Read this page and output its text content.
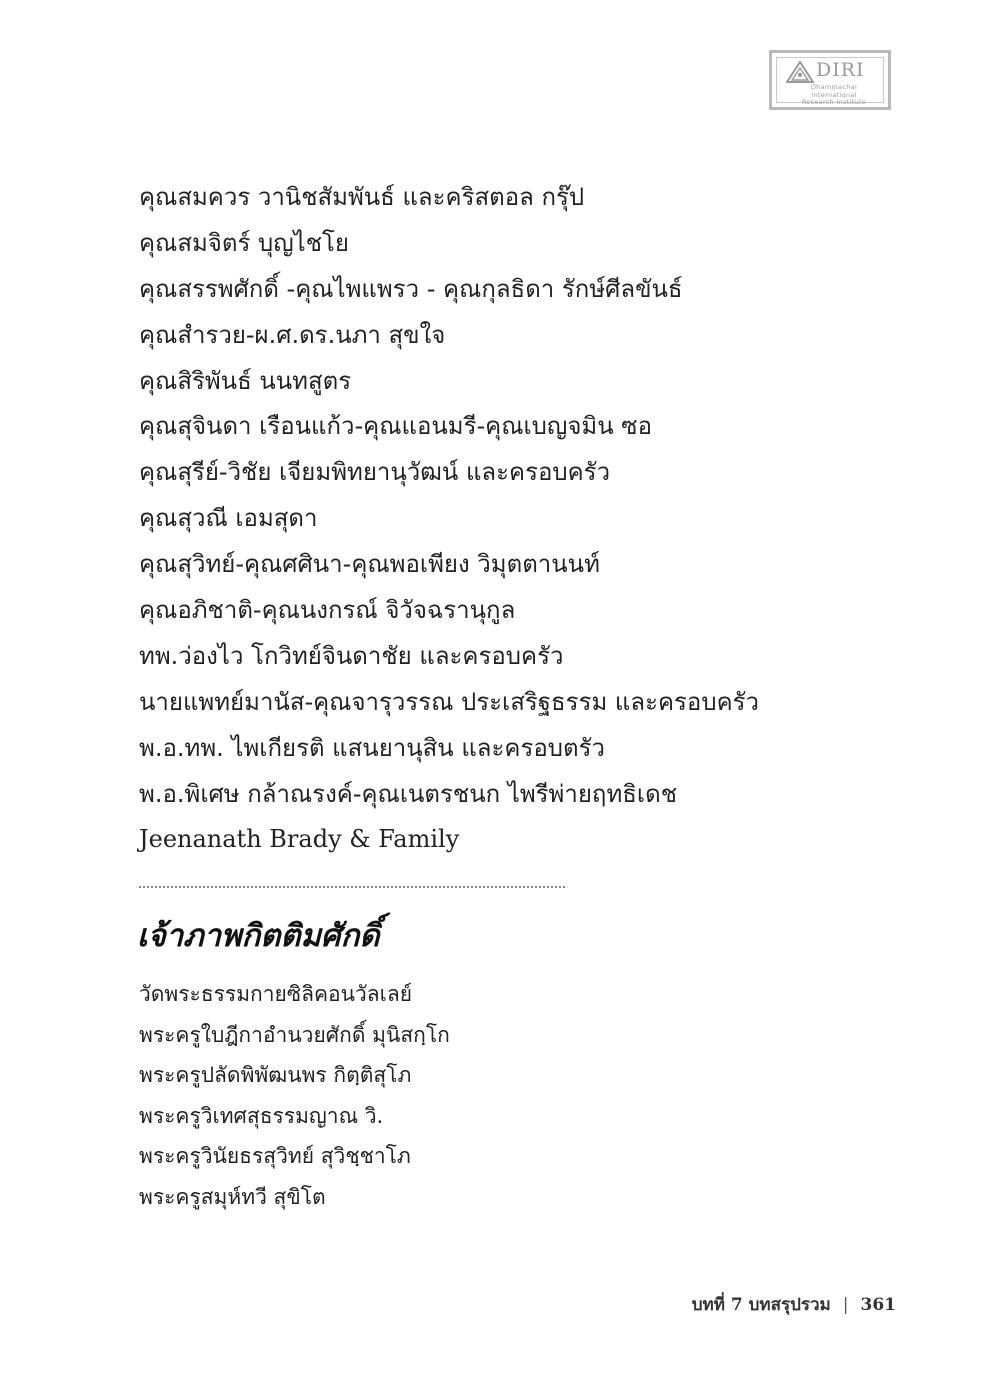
DIRI
Dhammachai International
Research Institute
คุณสมควร วานิชสัมพันธ์ และคริสตอล กรุ๊ป
คุณสมจิตร์ บุญไชโย
คุณสรรพศักดิ์ -คุณไพแพรว - คุณกุลธิดา รักษ์ศีลขันธ์
คุณสำรวย-ผ.ศ.ดร.นภา สุขใจ
คุณสิริพันธ์ นนทสูตร
คุณสุจินดา เรือนแก้ว-คุณแอนมรี-คุณเบญจมิน ซอ
คุณสุรีย์-วิชัย เจียมพิทยานุวัฒน์ และครอบครัว
คุณสุวณี เอมสุดา
คุณสุวิทย์-คุณศศินา-คุณพอเพียง วิมุตตานนท์
คุณอภิชาติ-คุณนงกรณ์ จิวัจฉรานุกูล
ทพ.ว่องไว โกวิทย์จินดาชัย และครอบครัว
นายแพทย์มานัส-คุณจารุวรรณ ประเสริฐธรรม และครอบครัว
พ.อ.ทพ. ไพเกียรติ แสนยานุสิน และครอบตรัว
พ.อ.พิเศษ กล้าณรงค์-คุณเนตรชนก ไพรีพ่ายฤทธิเดช
Jeenanath Brady & Family
เจ้าภาพกิตติมศักดิ์
วัดพระธรรมกายซิลิคอนวัลเลย์
พระครูใบฎีกาอำนวยศักดิ์ มุนิสกฺโก
พระครูปลัดพิพัฒนพร กิตฺติสุโภ
พระครูวิเทศสุธรรมญาณ วิ.
พระครูวินัยธรสุวิทย์ สุวิชฺชาโภ
พระครูสมุห์ทวี สุขิโต
บทที่ 7 บทสรุปรวม | 361
